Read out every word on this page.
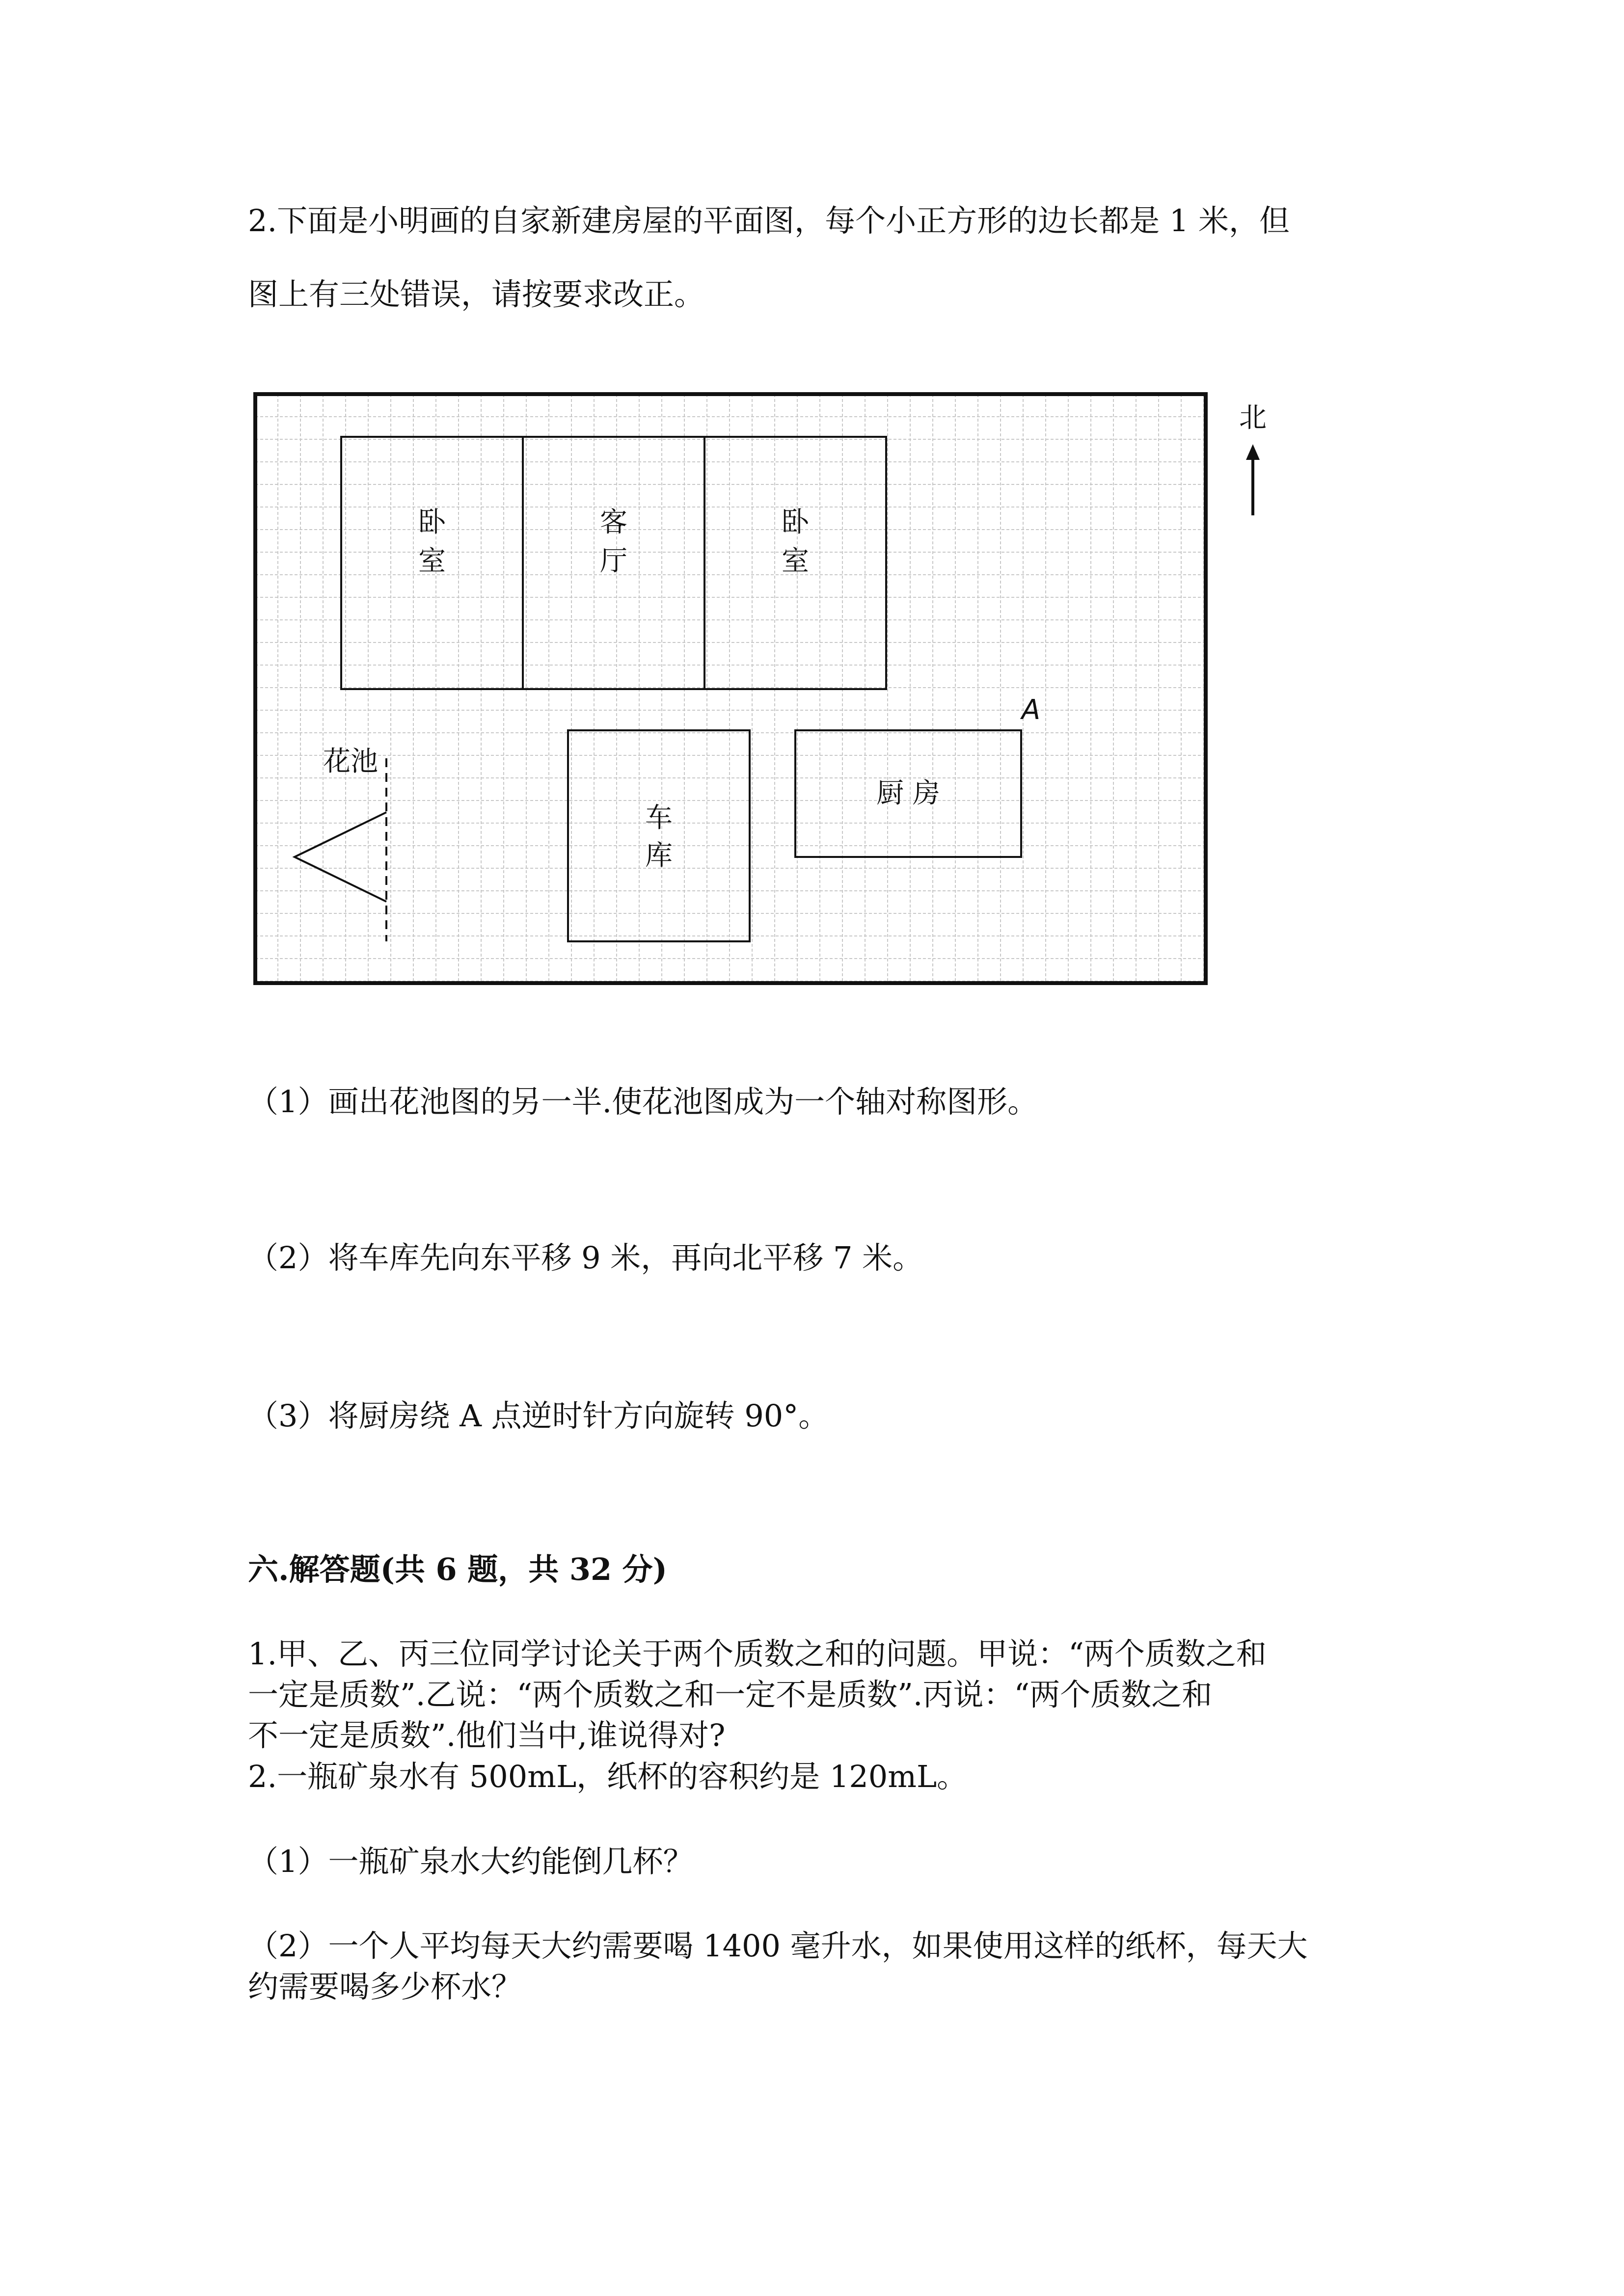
2.下面是小明画的自家新建房屋的平面图，每个小正方形的边长都是 1 米，但
图上有三处错误，请按要求改正。
卧
室
客
厅
卧
室
车
库
厨 房
花池
A
北
（1）画出花池图的另一半.使花池图成为一个轴对称图形。
（2）将车库先向东平移 9 米，再向北平移 7 米。
（3）将厨房绕 A 点逆时针方向旋转 90°。
六.解答题(共 6 题，共 32 分)
1.甲、乙、丙三位同学讨论关于两个质数之和的问题。甲说：“两个质数之和
一定是质数”.乙说：“两个质数之和一定不是质数”.丙说：“两个质数之和
不一定是质数”.他们当中,谁说得对?
2.一瓶矿泉水有 500mL，纸杯的容积约是 120mL。
（1）一瓶矿泉水大约能倒几杯？
（2）一个人平均每天大约需要喝 1400 毫升水，如果使用这样的纸杯，每天大
约需要喝多少杯水？
